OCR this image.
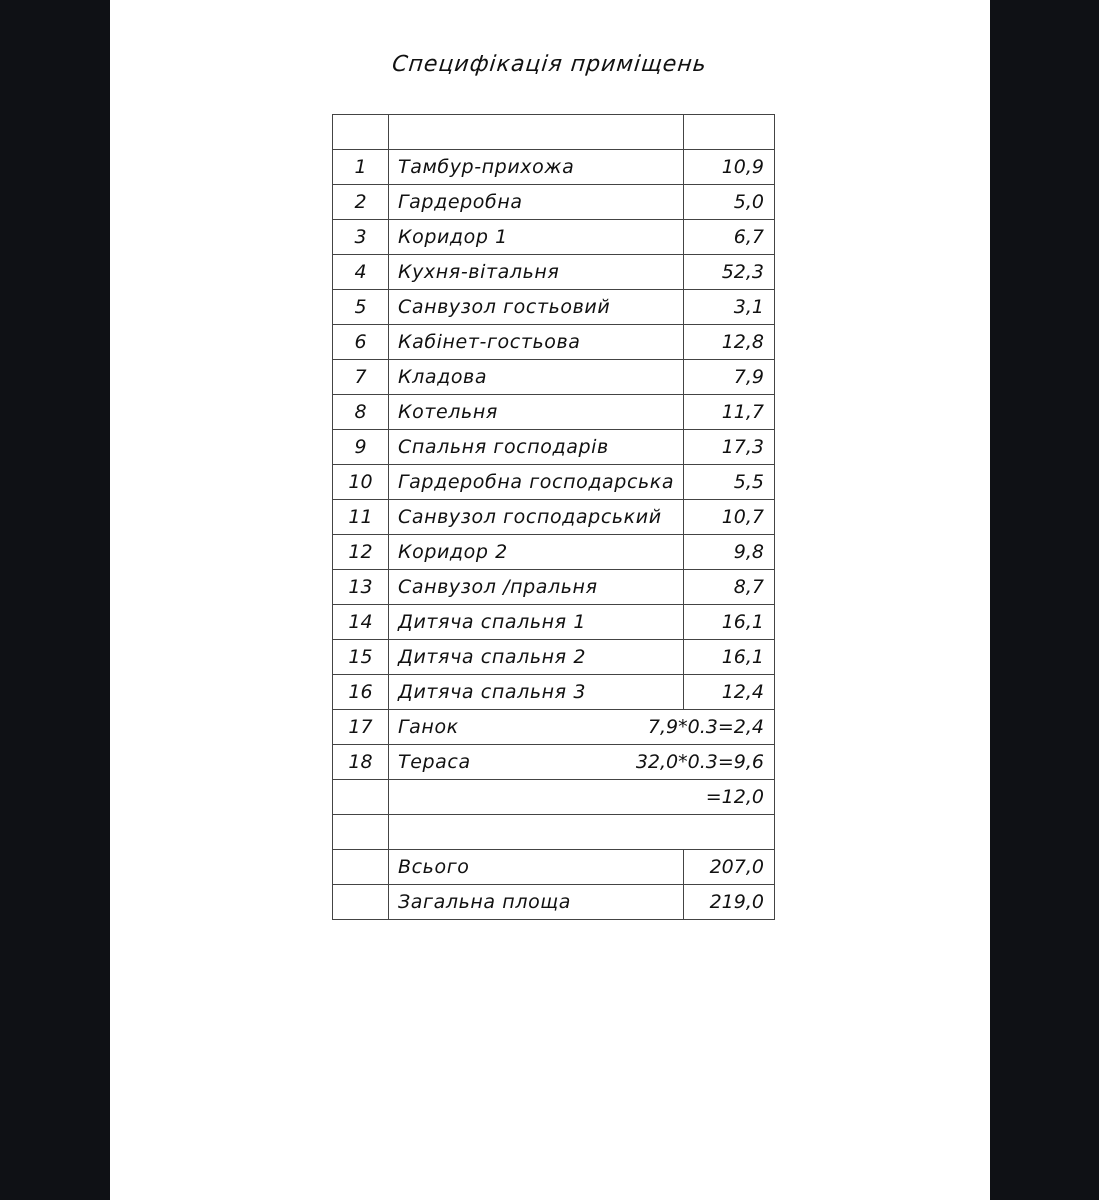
Специфікація приміщень

1	Тамбур-прихожа	10,9
2	Гардеробна	5,0
3	Коридор 1	6,7
4	Кухня-вітальня	52,3
5	Санвузол гостьовий	3,1
6	Кабінет-гостьова	12,8
7	Кладова	7,9
8	Котельня	11,7
9	Спальня господарів	17,3
10	Гардеробна господарська	5,5
11	Санвузол господарський	10,7
12	Коридор 2	9,8
13	Санвузол /пральня	8,7
14	Дитяча спальня 1	16,1
15	Дитяча спальня 2	16,1
16	Дитяча спальня 3	12,4
17	Ганок 7,9*0.3=2,4	

18	Тераса 32,0*0.3=9,6	

	=12,0	

	Всього	207,0
	Загальна площа	219,0
